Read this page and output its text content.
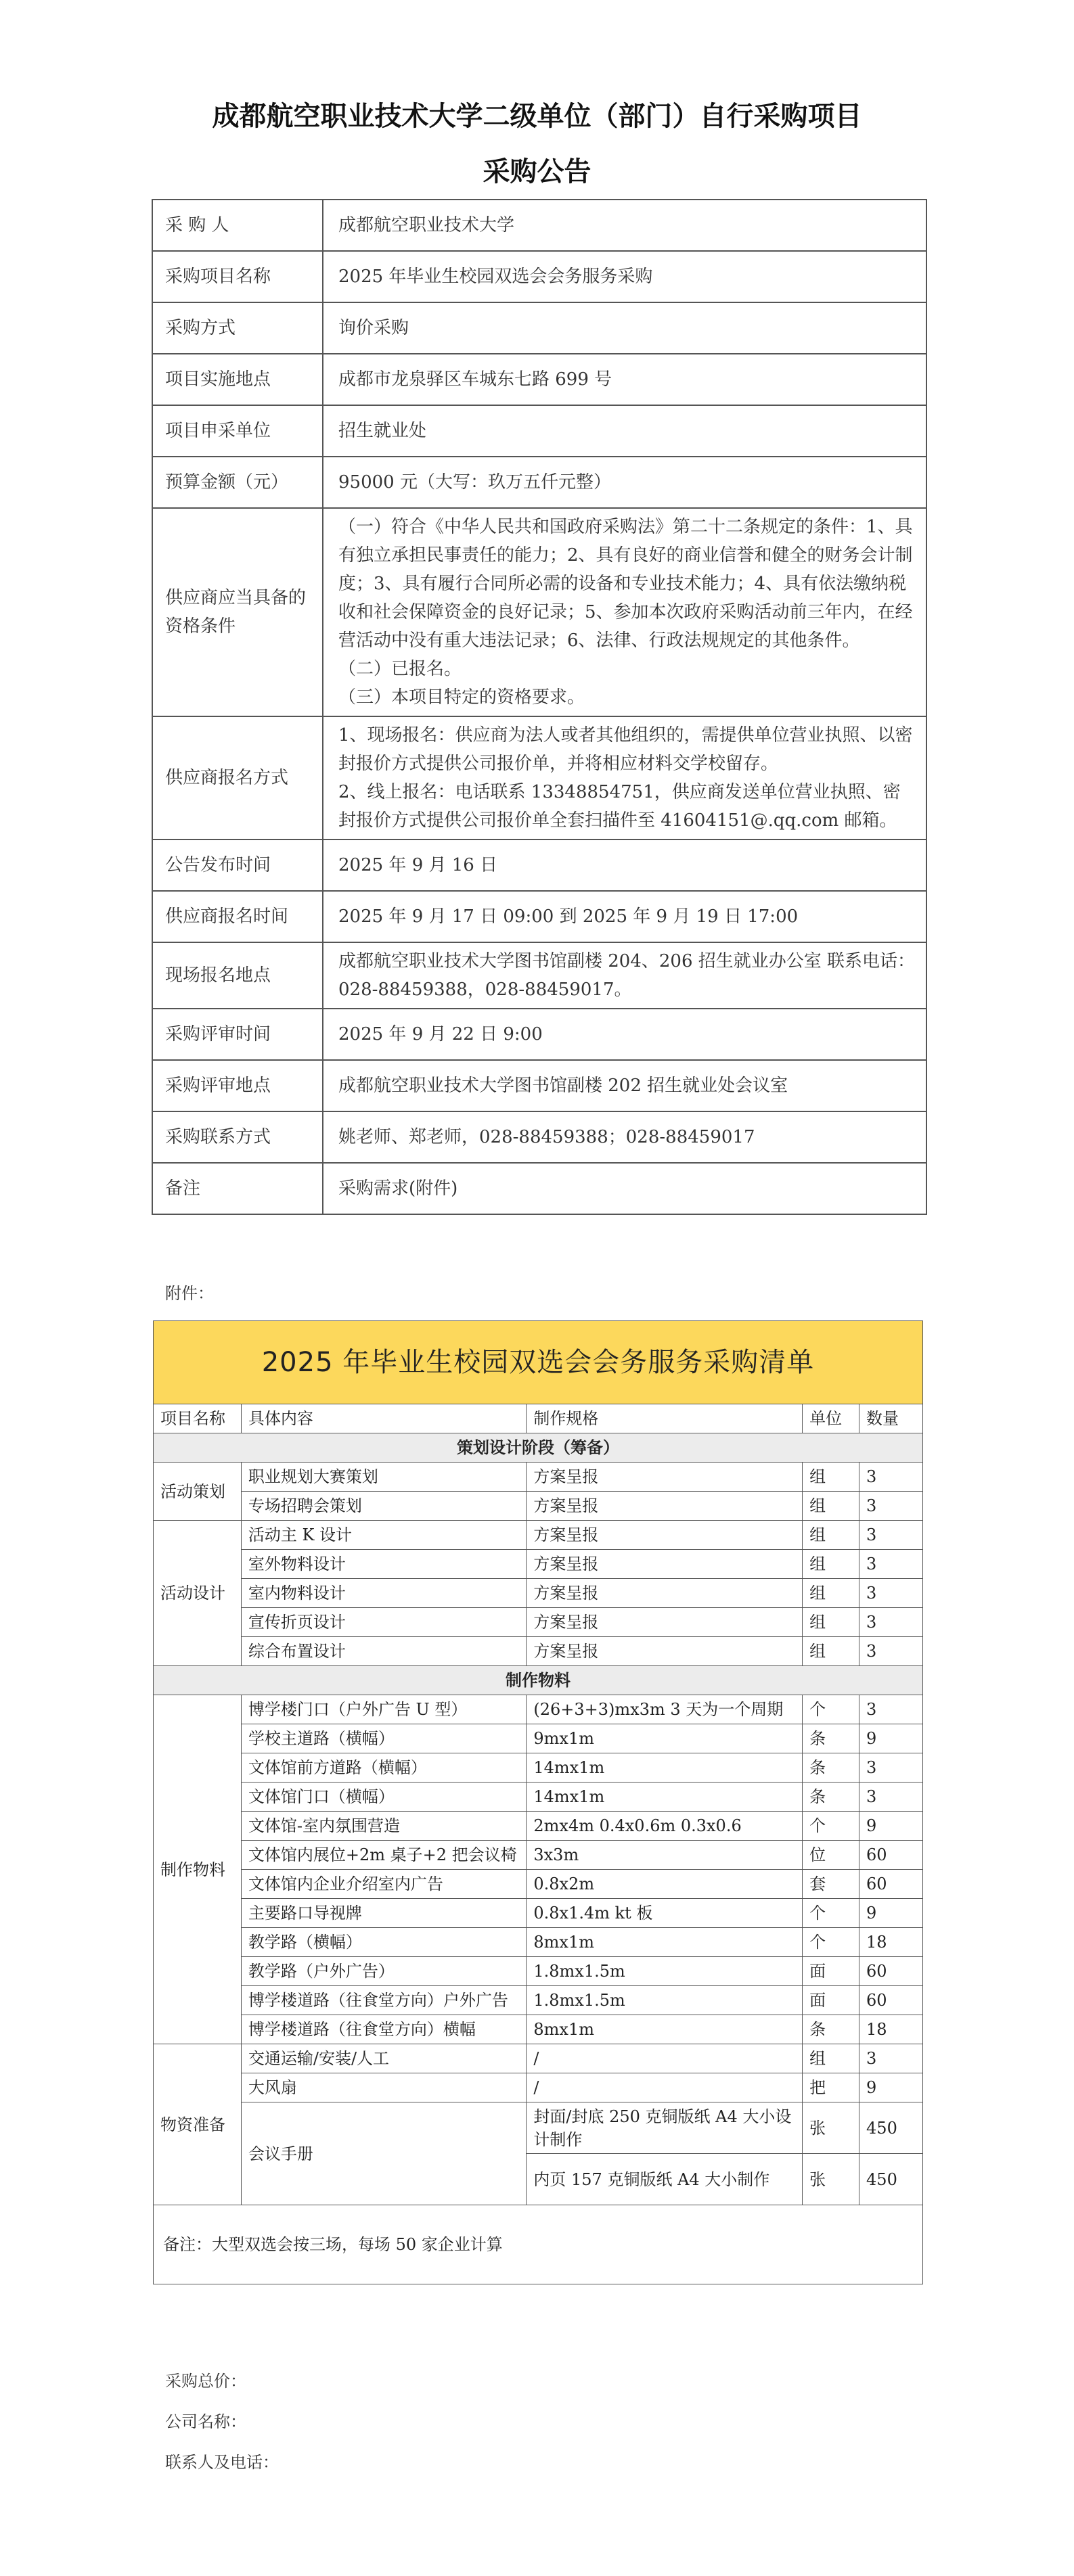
成都航空职业技术大学二级单位（部门）自行采购项目
采购公告
采 购 人	成都航空职业技术大学
采购项目名称	2025 年毕业生校园双选会会务服务采购
采购方式	询价采购
项目实施地点	成都市龙泉驿区车城东七路 699 号
项目申采单位	招生就业处
预算金额（元）	95000 元（大写：玖万五仟元整）
供应商应当具备的资格条件	（一）符合《中华人民共和国政府采购法》第二十二条规定的条件：1、具有独立承担民事责任的能力；2、具有良好的商业信誉和健全的财务会计制度；3、具有履行合同所必需的设备和专业技术能力；4、具有依法缴纳税收和社会保障资金的良好记录；5、参加本次政府采购活动前三年内，在经营活动中没有重大违法记录；6、法律、行政法规规定的其他条件。
（二）已报名。
（三）本项目特定的资格要求。
供应商报名方式	1、现场报名：供应商为法人或者其他组织的，需提供单位营业执照、以密封报价方式提供公司报价单，并将相应材料交学校留存。
2、线上报名：电话联系 13348854751，供应商发送单位营业执照、密封报价方式提供公司报价单全套扫描件至 41604151@.qq.com 邮箱。
公告发布时间	2025 年 9 月 16 日
供应商报名时间	2025 年 9 月 17 日 09:00 到 2025 年 9 月 19 日 17:00
现场报名地点	成都航空职业技术大学图书馆副楼 204、206 招生就业办公室 联系电话：028-88459388，028-88459017。
采购评审时间	2025 年 9 月 22 日 9:00
采购评审地点	成都航空职业技术大学图书馆副楼 202 招生就业处会议室
采购联系方式	姚老师、郑老师，028-88459388；028-88459017
备注	采购需求(附件)
附件：
2025 年毕业生校园双选会会务服务采购清单				
项目名称	具体内容	制作规格	单位	数量
策划设计阶段（筹备）				
活动策划	职业规划大赛策划	方案呈报	组	3
	专场招聘会策划	方案呈报	组	3
活动设计	活动主 K 设计	方案呈报	组	3
	室外物料设计	方案呈报	组	3
	室内物料设计	方案呈报	组	3
	宣传折页设计	方案呈报	组	3
	综合布置设计	方案呈报	组	3
制作物料				
制作物料	博学楼门口（户外广告 U 型）	(26+3+3)mx3m 3 天为一个周期	个	3
	学校主道路（横幅）	9mx1m	条	9
	文体馆前方道路（横幅）	14mx1m	条	3
	文体馆门口（横幅）	14mx1m	条	3
	文体馆-室内氛围营造	2mx4m 0.4x0.6m 0.3x0.6	个	9
	文体馆内展位+2m 桌子+2 把会议椅	3x3m	位	60
	文体馆内企业介绍室内广告	0.8x2m	套	60
	主要路口导视牌	0.8x1.4m kt 板	个	9
	教学路（横幅）	8mx1m	个	18
	教学路（户外广告）	1.8mx1.5m	面	60
	博学楼道路（往食堂方向）户外广告	1.8mx1.5m	面	60
	博学楼道路（往食堂方向）横幅	8mx1m	条	18
物资准备	交通运输/安装/人工	/	组	3
	大风扇	/	把	9
	会议手册	封面/封底 250 克铜版纸 A4 大小设计制作	张	450
		内页 157 克铜版纸 A4 大小制作	张	450
备注：大型双选会按三场，每场 50 家企业计算				
采购总价：
公司名称：
联系人及电话：
